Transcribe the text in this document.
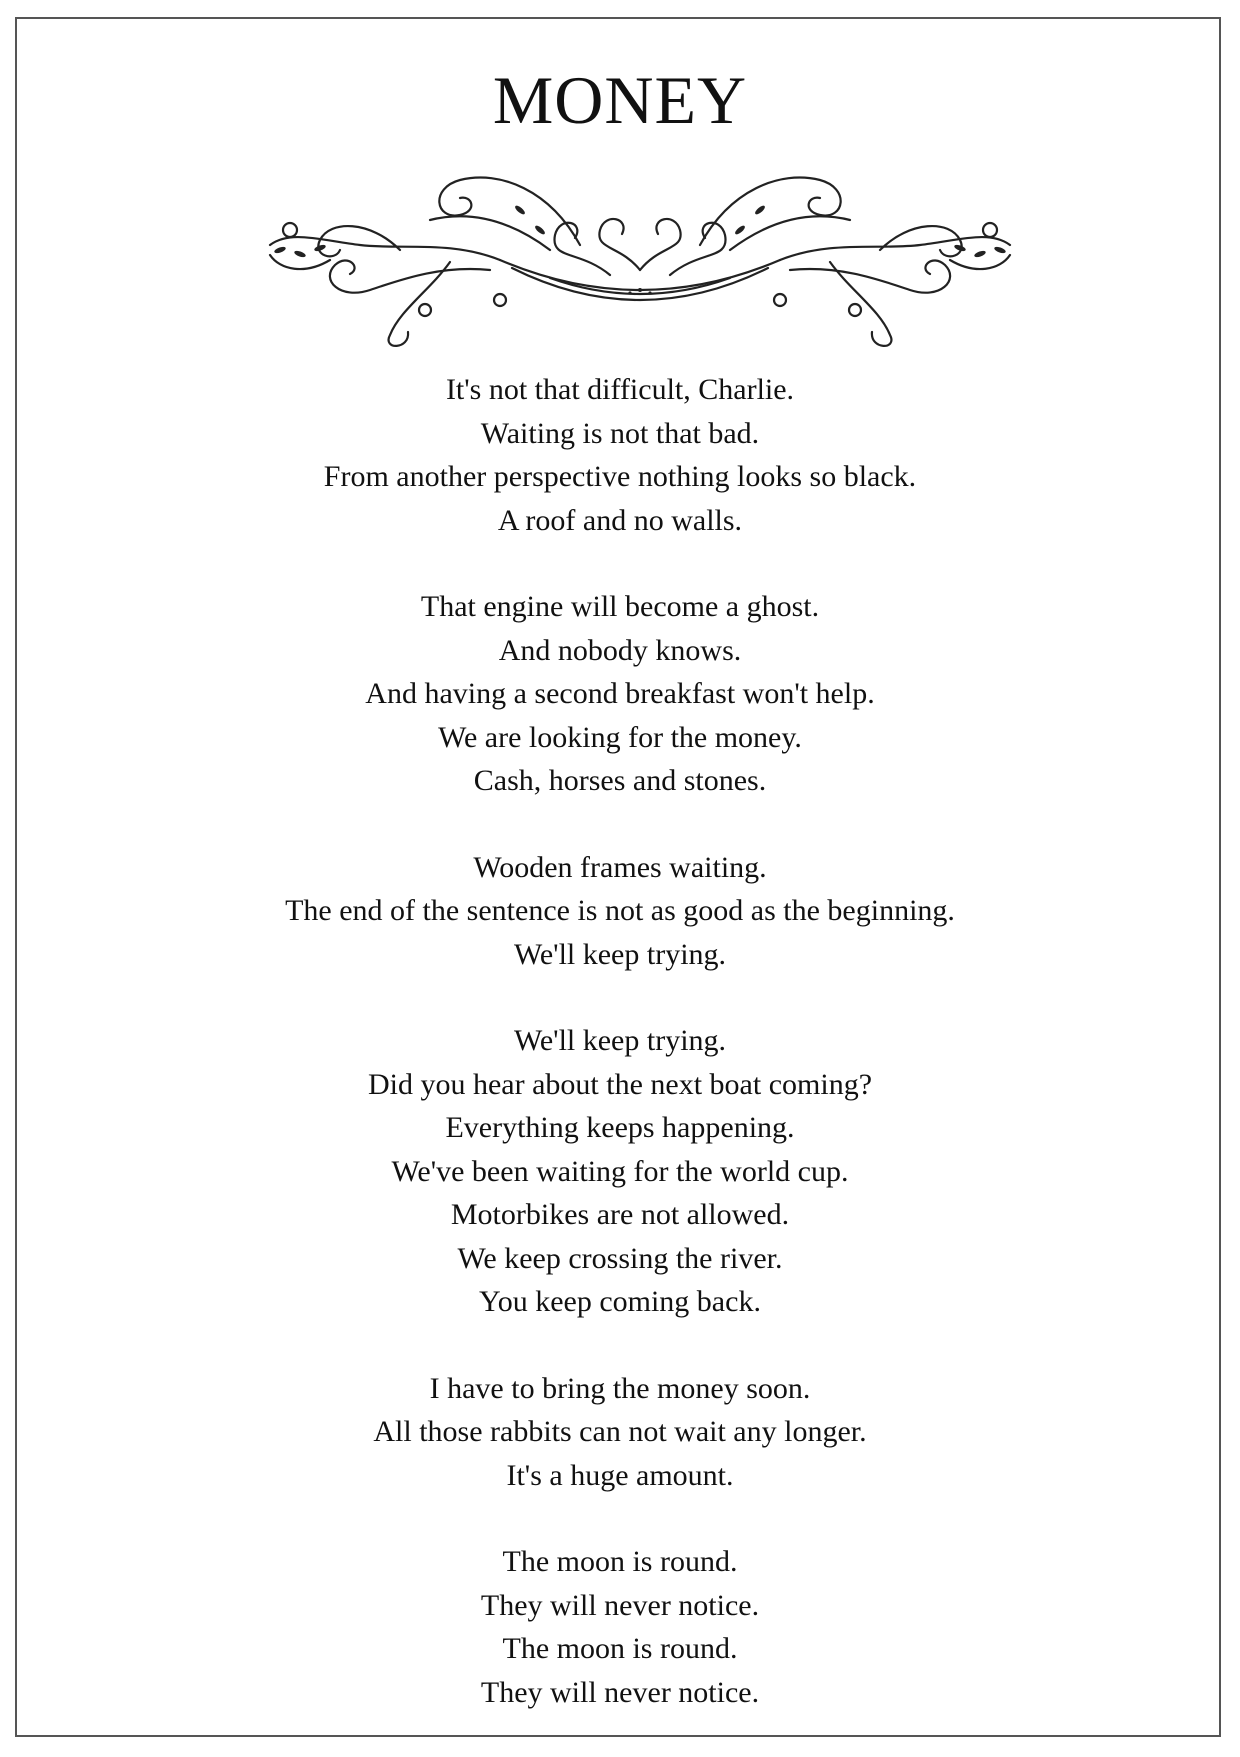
MONEY
It's not that difficult, Charlie.
Waiting is not that bad.
From another perspective nothing looks so black.
A roof and no walls.
That engine will become a ghost.
And nobody knows.
And having a second breakfast won't help.
We are looking for the money.
Cash, horses and stones.
Wooden frames waiting.
The end of the sentence is not as good as the beginning.
We'll keep trying.
We'll keep trying.
Did you hear about the next boat coming?
Everything keeps happening.
We've been waiting for the world cup.
Motorbikes are not allowed.
We keep crossing the river.
You keep coming back.
I have to bring the money soon.
All those rabbits can not wait any longer.
It's a huge amount.
The moon is round.
They will never notice.
The moon is round.
They will never notice.
